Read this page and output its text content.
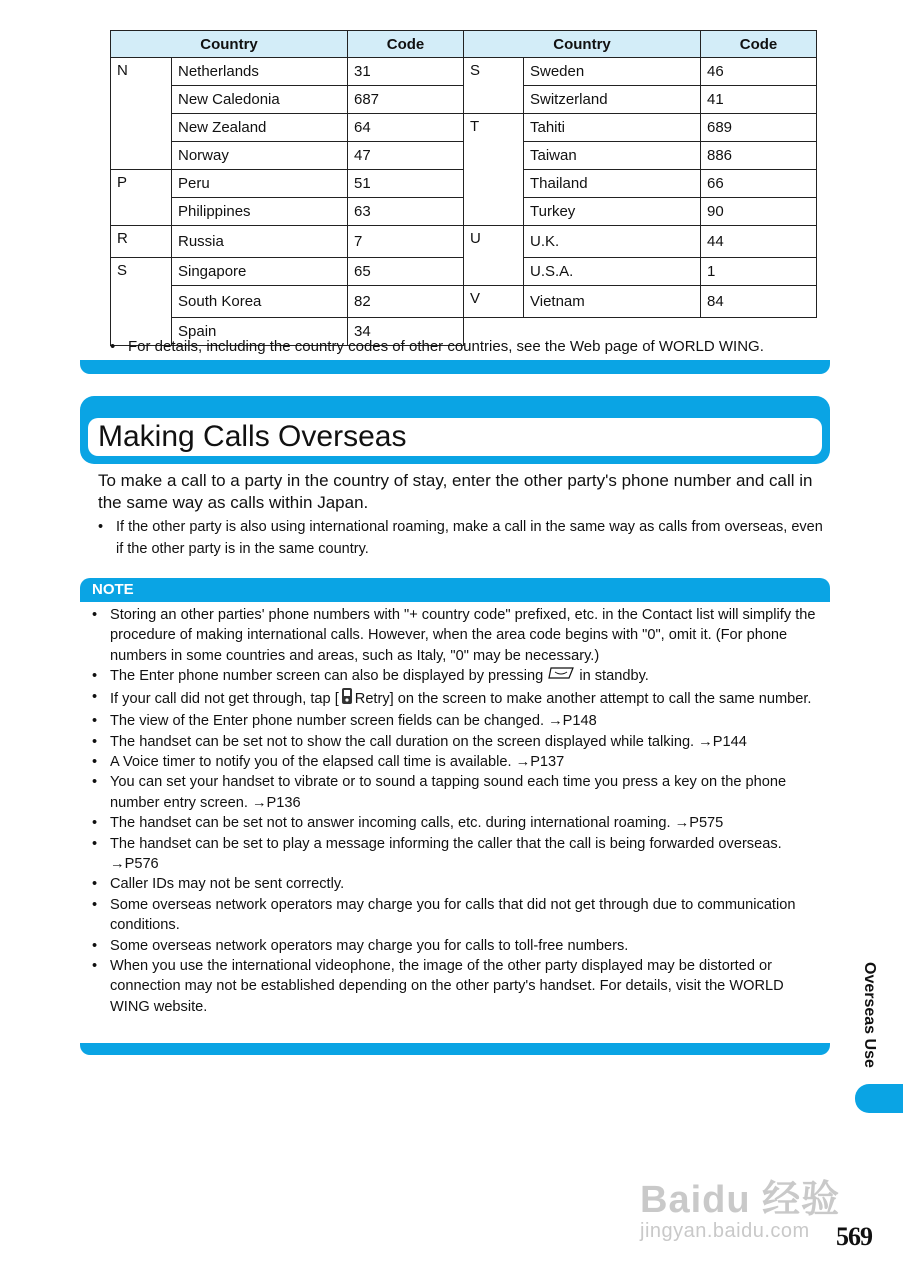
Country		Code	Country		Code
N	Netherlands	31	S	Sweden	46
	New Caledonia	687		Switzerland	41
	New Zealand	64	T	Tahiti	689
	Norway	47		Taiwan	886
P	Peru	51		Thailand	66
	Philippines	63		Turkey	90
R	Russia	7	U	U.K.	44
S	Singapore	65		U.S.A.	1
	South Korea	82	V	Vietnam	84
	Spain	34			
• For details, including the country codes of other countries, see the Web page of WORLD WING.
Making Calls Overseas
To make a call to a party in the country of stay, enter the other party's phone number and call in the same way as calls within Japan.
• If the other party is also using international roaming, make a call in the same way as calls from overseas, even if the other party is in the same country.
NOTE
• Storing an other parties' phone numbers with "+ country code" prefixed, etc. in the Contact list will simplify the procedure of making international calls. However, when the area code begins with "0", omit it. (For phone numbers in some countries and areas, such as Italy, "0" may be necessary.)
• The Enter phone number screen can also be displayed by pressing in standby.
• If your call did not get through, tap [ Retry] on the screen to make another attempt to call the same number.
• The view of the Enter phone number screen fields can be changed. →P148
• The handset can be set not to show the call duration on the screen displayed while talking. →P144
• A Voice timer to notify you of the elapsed call time is available. →P137
• You can set your handset to vibrate or to sound a tapping sound each time you press a key on the phone number entry screen. →P136
• The handset can be set not to answer incoming calls, etc. during international roaming. →P575
• The handset can be set to play a message informing the caller that the call is being forwarded overseas. →P576
• Caller IDs may not be sent correctly.
• Some overseas network operators may charge you for calls that did not get through due to communication conditions.
• Some overseas network operators may charge you for calls to toll-free numbers.
• When you use the international videophone, the image of the other party displayed may be distorted or connection may not be established depending on the other party's handset. For details, visit the WORLD WING website.	Overseas Use
Baidu 经验
jingyan.baidu.com 569
